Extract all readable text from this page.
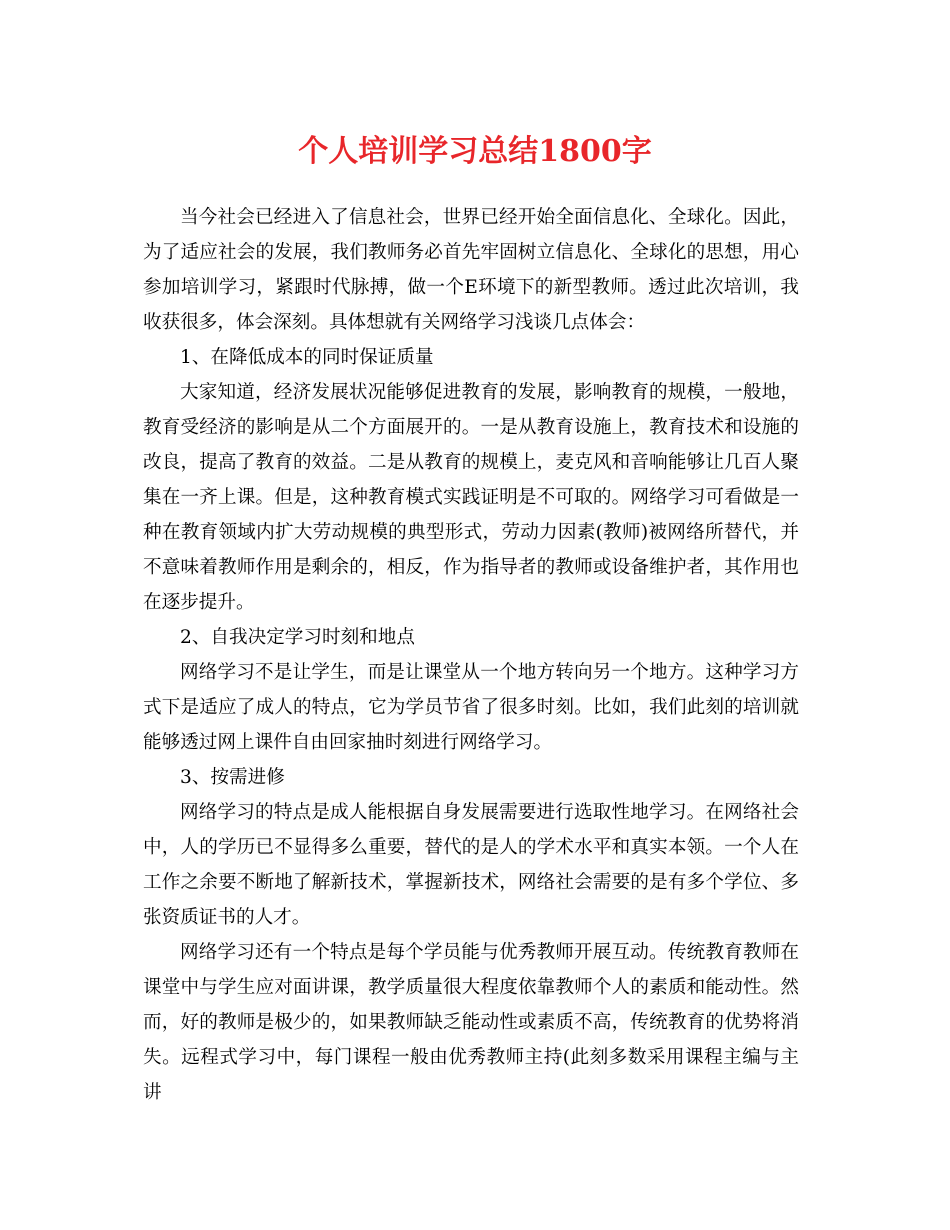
个人培训学习总结1800字

当今社会已经进入了信息社会，世界已经开始全面信息化、全球化。因此，为了适应社会的发展，我们教师务必首先牢固树立信息化、全球化的思想，用心参加培训学习，紧跟时代脉搏，做一个E环境下的新型教师。透过此次培训，我收获很多，体会深刻。具体想就有关网络学习浅谈几点体会：

1、在降低成本的同时保证质量

大家知道，经济发展状况能够促进教育的发展，影响教育的规模，一般地，教育受经济的影响是从二个方面展开的。一是从教育设施上，教育技术和设施的改良，提高了教育的效益。二是从教育的规模上，麦克风和音响能够让几百人聚集在一齐上课。但是，这种教育模式实践证明是不可取的。网络学习可看做是一种在教育领域内扩大劳动规模的典型形式，劳动力因素(教师)被网络所替代，并不意味着教师作用是剩余的，相反，作为指导者的教师或设备维护者，其作用也在逐步提升。

2、自我决定学习时刻和地点

网络学习不是让学生，而是让课堂从一个地方转向另一个地方。这种学习方式下是适应了成人的特点，它为学员节省了很多时刻。比如，我们此刻的培训就能够透过网上课件自由回家抽时刻进行网络学习。

3、按需进修

网络学习的特点是成人能根据自身发展需要进行选取性地学习。在网络社会中，人的学历已不显得多么重要，替代的是人的学术水平和真实本领。一个人在工作之余要不断地了解新技术，掌握新技术，网络社会需要的是有多个学位、多张资质证书的人才。

网络学习还有一个特点是每个学员能与优秀教师开展互动。传统教育教师在课堂中与学生应对面讲课，教学质量很大程度依靠教师个人的素质和能动性。然而，好的教师是极少的，如果教师缺乏能动性或素质不高，传统教育的优势将消失。远程式学习中，每门课程一般由优秀教师主持(此刻多数采用课程主编与主讲
